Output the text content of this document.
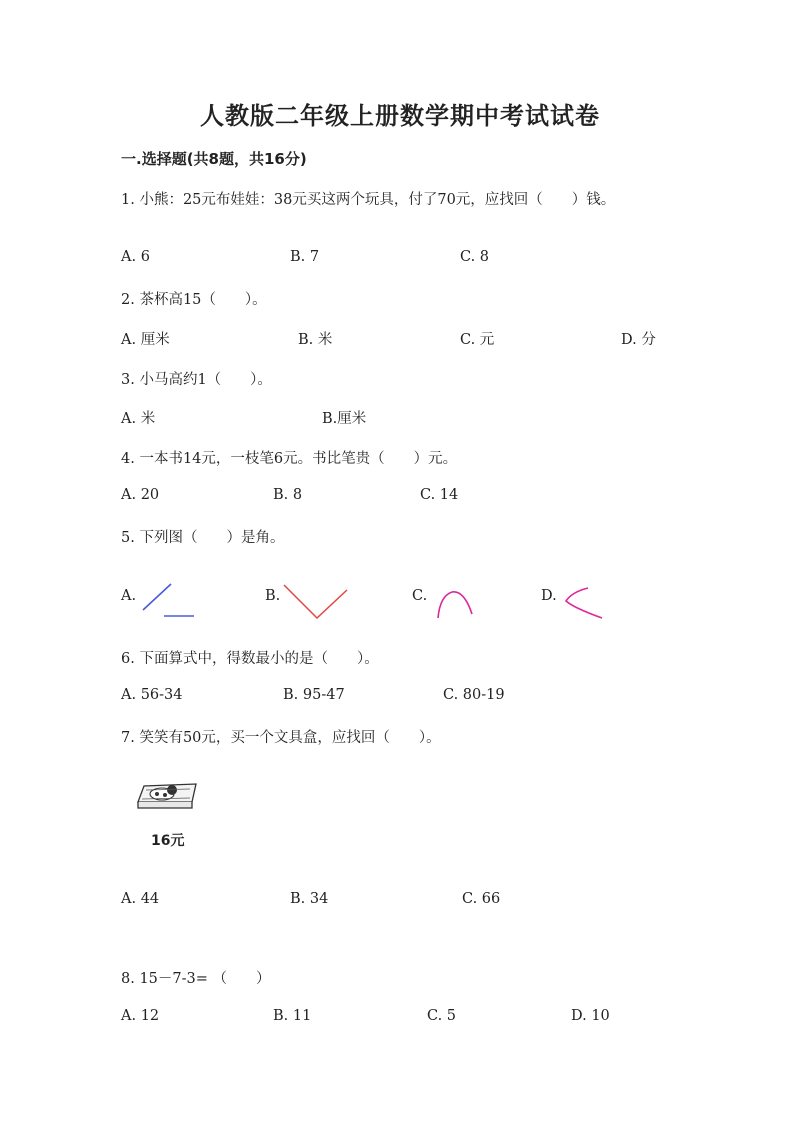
人教版二年级上册数学期中考试试卷
一.选择题(共8题，共16分)
1. 小熊：25元布娃娃：38元买这两个玩具，付了70元，应找回（　　）钱。
A. 6	B. 7	C. 8
2. 茶杯高15（　　）。
A. 厘米	B. 米	C. 元	D. 分
3. 小马高约1（　　）。
A. 米	B.厘米
4. 一本书14元，一枝笔6元。书比笔贵（　　）元。
A. 20	B. 8	C. 14
5. 下列图（　　）是角。
A.	B.	C.	D.
6. 下面算式中，得数最小的是（　　）。
A. 56-34	B. 95-47	C. 80-19
7. 笑笑有50元，买一个文具盒，应找回（　　）。
16元
A. 44	B. 34	C. 66
8. 15－7-3= （　　）
A. 12	B. 11	C. 5	D. 10
